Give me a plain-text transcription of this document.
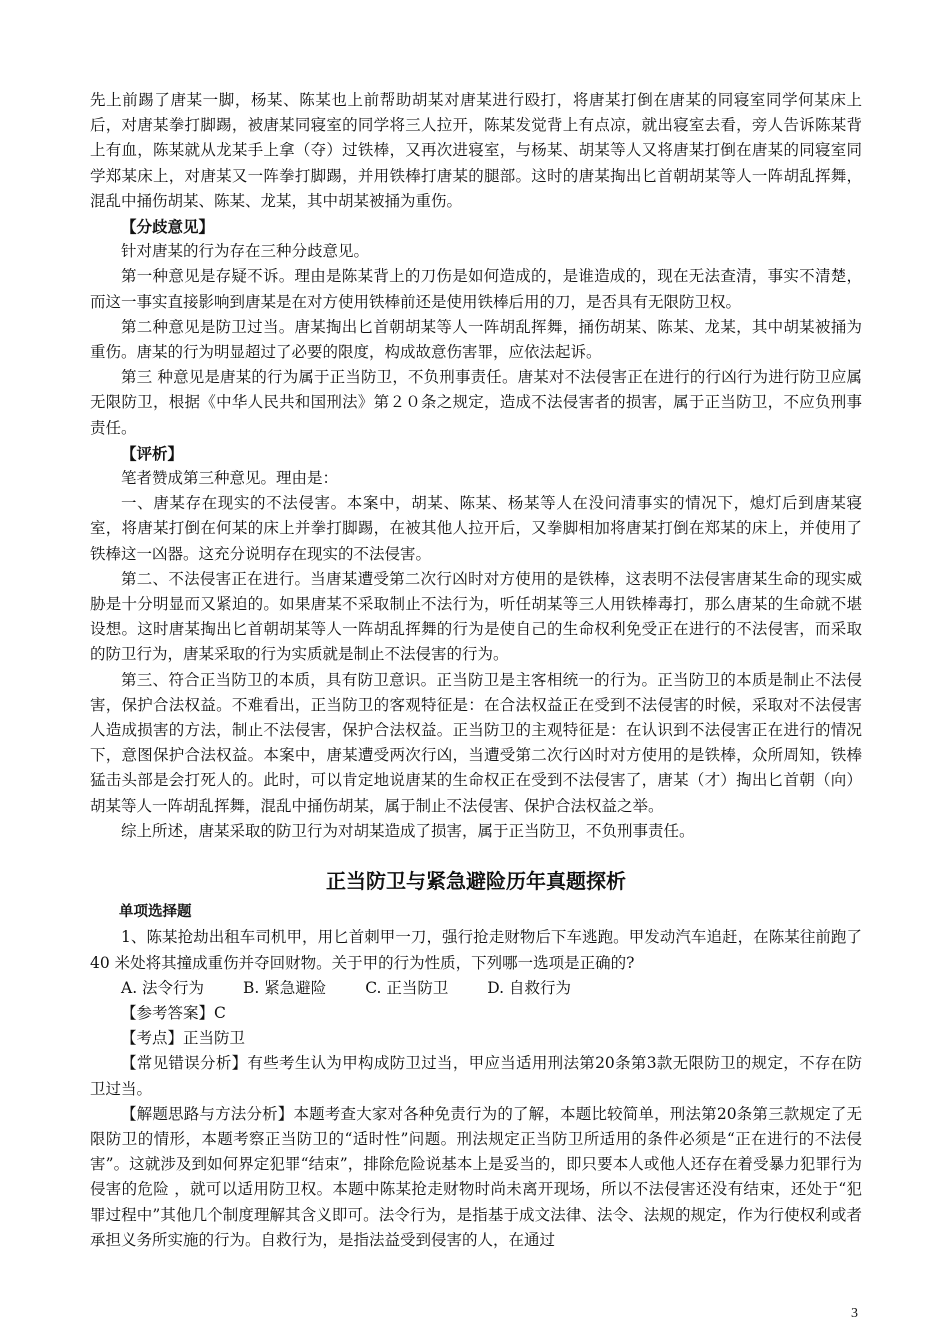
先上前踢了唐某一脚，杨某、陈某也上前帮助胡某对唐某进行殴打，将唐某打倒在唐某的同寝室同学何某床上后，对唐某拳打脚踢，被唐某同寝室的同学将三人拉开，陈某发觉背上有点凉，就出寝室去看，旁人告诉陈某背上有血，陈某就从龙某手上拿（夺）过铁棒，又再次进寝室，与杨某、胡某等人又将唐某打倒在唐某的同寝室同学郑某床上，对唐某又一阵拳打脚踢，并用铁棒打唐某的腿部。这时的唐某掏出匕首朝胡某等人一阵胡乱挥舞，混乱中捅伤胡某、陈某、龙某，其中胡某被捅为重伤。

【分歧意见】

针对唐某的行为存在三种分歧意见。

第一种意见是存疑不诉。理由是陈某背上的刀伤是如何造成的，是谁造成的，现在无法查清，事实不清楚，而这一事实直接影响到唐某是在对方使用铁棒前还是使用铁棒后用的刀，是否具有无限防卫权。

第二种意见是防卫过当。唐某掏出匕首朝胡某等人一阵胡乱挥舞，捅伤胡某、陈某、龙某，其中胡某被捅为重伤。唐某的行为明显超过了必要的限度，构成故意伤害罪，应依法起诉。

第三 种意见是唐某的行为属于正当防卫，不负刑事责任。唐某对不法侵害正在进行的行凶行为进行防卫应属无限防卫，根据《中华人民共和国刑法》第２０条之规定，造成不法侵害者的损害，属于正当防卫，不应负刑事责任。

【评析】

笔者赞成第三种意见。理由是：

一、唐某存在现实的不法侵害。本案中，胡某、陈某、杨某等人在没问清事实的情况下，熄灯后到唐某寝室，将唐某打倒在何某的床上并拳打脚踢，在被其他人拉开后，又拳脚相加将唐某打倒在郑某的床上，并使用了铁棒这一凶器。这充分说明存在现实的不法侵害。

第二、不法侵害正在进行。当唐某遭受第二次行凶时对方使用的是铁棒，这表明不法侵害唐某生命的现实威胁是十分明显而又紧迫的。如果唐某不采取制止不法行为，听任胡某等三人用铁棒毒打，那么唐某的生命就不堪设想。这时唐某掏出匕首朝胡某等人一阵胡乱挥舞的行为是使自己的生命权利免受正在进行的不法侵害，而采取的防卫行为，唐某采取的行为实质就是制止不法侵害的行为。

第三、符合正当防卫的本质，具有防卫意识。正当防卫是主客相统一的行为。正当防卫的本质是制止不法侵害，保护合法权益。不难看出，正当防卫的客观特征是：在合法权益正在受到不法侵害的时候，采取对不法侵害人造成损害的方法，制止不法侵害，保护合法权益。正当防卫的主观特征是：在认识到不法侵害正在进行的情况下，意图保护合法权益。本案中，唐某遭受两次行凶，当遭受第二次行凶时对方使用的是铁棒，众所周知，铁棒猛击头部是会打死人的。此时，可以肯定地说唐某的生命权正在受到不法侵害了，唐某（才）掏出匕首朝（向）胡某等人一阵胡乱挥舞，混乱中捅伤胡某，属于制止不法侵害、保护合法权益之举。

综上所述，唐某采取的防卫行为对胡某造成了损害，属于正当防卫，不负刑事责任。

正当防卫与紧急避险历年真题探析

单项选择题

1、陈某抢劫出租车司机甲，用匕首刺甲一刀，强行抢走财物后下车逃跑。甲发动汽车追赶，在陈某往前跑了 40 米处将其撞成重伤并夺回财物。关于甲的行为性质，下列哪一选项是正确的?

A. 法令行为	B. 紧急避险	C. 正当防卫	D. 自救行为

【参考答案】C

【考点】正当防卫

【常见错误分析】有些考生认为甲构成防卫过当，甲应当适用刑法第20条第3款无限防卫的规定，不存在防卫过当。

【解题思路与方法分析】本题考查大家对各种免责行为的了解，本题比较简单，刑法第20条第三款规定了无限防卫的情形，本题考察正当防卫的“适时性”问题。刑法规定正当防卫所适用的条件必须是“正在进行的不法侵害”。这就涉及到如何界定犯罪“结束”，排除危险说基本上是妥当的，即只要本人或他人还存在着受暴力犯罪行为侵害的危险 ，就可以适用防卫权。本题中陈某抢走财物时尚未离开现场，所以不法侵害还没有结束，还处于“犯罪过程中”其他几个制度理解其含义即可。法令行为，是指基于成文法律、法令、法规的规定，作为行使权利或者承担义务所实施的行为。自救行为，是指法益受到侵害的人，在通过

3
